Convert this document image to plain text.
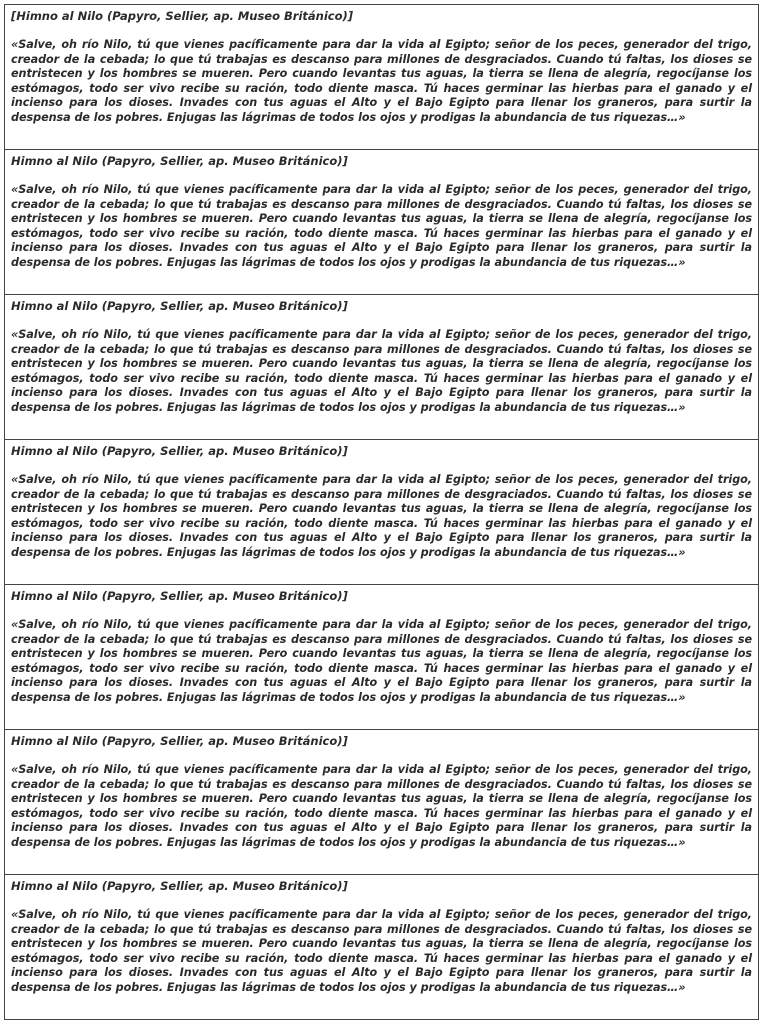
[Himno al Nilo (Papyro, Sellier, ap. Museo Británico)]

«Salve, oh río Nilo, tú que vienes pacíficamente para dar la vida al Egipto; señor de los peces, generador del trigo, creador de la cebada; lo que tú trabajas es descanso para millones de desgraciados. Cuando tú faltas, los dioses se entristecen y los hombres se mueren. Pero cuando levantas tus aguas, la tierra se llena de alegría, regocíjanse los estómagos, todo ser vivo recibe su ración, todo diente masca. Tú haces germinar las hierbas para el ganado y el incienso para los dioses. Invades con tus aguas el Alto y el Bajo Egipto para llenar los graneros, para surtir la despensa de los pobres. Enjugas las lágrimas de todos los ojos y prodigas la abundancia de tus riquezas…»

Himno al Nilo (Papyro, Sellier, ap. Museo Británico)]

«Salve, oh río Nilo, tú que vienes pacíficamente para dar la vida al Egipto; señor de los peces, generador del trigo, creador de la cebada; lo que tú trabajas es descanso para millones de desgraciados. Cuando tú faltas, los dioses se entristecen y los hombres se mueren. Pero cuando levantas tus aguas, la tierra se llena de alegría, regocíjanse los estómagos, todo ser vivo recibe su ración, todo diente masca. Tú haces germinar las hierbas para el ganado y el incienso para los dioses. Invades con tus aguas el Alto y el Bajo Egipto para llenar los graneros, para surtir la despensa de los pobres. Enjugas las lágrimas de todos los ojos y prodigas la abundancia de tus riquezas…»

Himno al Nilo (Papyro, Sellier, ap. Museo Británico)]

«Salve, oh río Nilo, tú que vienes pacíficamente para dar la vida al Egipto; señor de los peces, generador del trigo, creador de la cebada; lo que tú trabajas es descanso para millones de desgraciados. Cuando tú faltas, los dioses se entristecen y los hombres se mueren. Pero cuando levantas tus aguas, la tierra se llena de alegría, regocíjanse los estómagos, todo ser vivo recibe su ración, todo diente masca. Tú haces germinar las hierbas para el ganado y el incienso para los dioses. Invades con tus aguas el Alto y el Bajo Egipto para llenar los graneros, para surtir la despensa de los pobres. Enjugas las lágrimas de todos los ojos y prodigas la abundancia de tus riquezas…»

Himno al Nilo (Papyro, Sellier, ap. Museo Británico)]

«Salve, oh río Nilo, tú que vienes pacíficamente para dar la vida al Egipto; señor de los peces, generador del trigo, creador de la cebada; lo que tú trabajas es descanso para millones de desgraciados. Cuando tú faltas, los dioses se entristecen y los hombres se mueren. Pero cuando levantas tus aguas, la tierra se llena de alegría, regocíjanse los estómagos, todo ser vivo recibe su ración, todo diente masca. Tú haces germinar las hierbas para el ganado y el incienso para los dioses. Invades con tus aguas el Alto y el Bajo Egipto para llenar los graneros, para surtir la despensa de los pobres. Enjugas las lágrimas de todos los ojos y prodigas la abundancia de tus riquezas…»

Himno al Nilo (Papyro, Sellier, ap. Museo Británico)]

«Salve, oh río Nilo, tú que vienes pacíficamente para dar la vida al Egipto; señor de los peces, generador del trigo, creador de la cebada; lo que tú trabajas es descanso para millones de desgraciados. Cuando tú faltas, los dioses se entristecen y los hombres se mueren. Pero cuando levantas tus aguas, la tierra se llena de alegría, regocíjanse los estómagos, todo ser vivo recibe su ración, todo diente masca. Tú haces germinar las hierbas para el ganado y el incienso para los dioses. Invades con tus aguas el Alto y el Bajo Egipto para llenar los graneros, para surtir la despensa de los pobres. Enjugas las lágrimas de todos los ojos y prodigas la abundancia de tus riquezas…»

Himno al Nilo (Papyro, Sellier, ap. Museo Británico)]

«Salve, oh río Nilo, tú que vienes pacíficamente para dar la vida al Egipto; señor de los peces, generador del trigo, creador de la cebada; lo que tú trabajas es descanso para millones de desgraciados. Cuando tú faltas, los dioses se entristecen y los hombres se mueren. Pero cuando levantas tus aguas, la tierra se llena de alegría, regocíjanse los estómagos, todo ser vivo recibe su ración, todo diente masca. Tú haces germinar las hierbas para el ganado y el incienso para los dioses. Invades con tus aguas el Alto y el Bajo Egipto para llenar los graneros, para surtir la despensa de los pobres. Enjugas las lágrimas de todos los ojos y prodigas la abundancia de tus riquezas…»

Himno al Nilo (Papyro, Sellier, ap. Museo Británico)]

«Salve, oh río Nilo, tú que vienes pacíficamente para dar la vida al Egipto; señor de los peces, generador del trigo, creador de la cebada; lo que tú trabajas es descanso para millones de desgraciados. Cuando tú faltas, los dioses se entristecen y los hombres se mueren. Pero cuando levantas tus aguas, la tierra se llena de alegría, regocíjanse los estómagos, todo ser vivo recibe su ración, todo diente masca. Tú haces germinar las hierbas para el ganado y el incienso para los dioses. Invades con tus aguas el Alto y el Bajo Egipto para llenar los graneros, para surtir la despensa de los pobres. Enjugas las lágrimas de todos los ojos y prodigas la abundancia de tus riquezas…»
